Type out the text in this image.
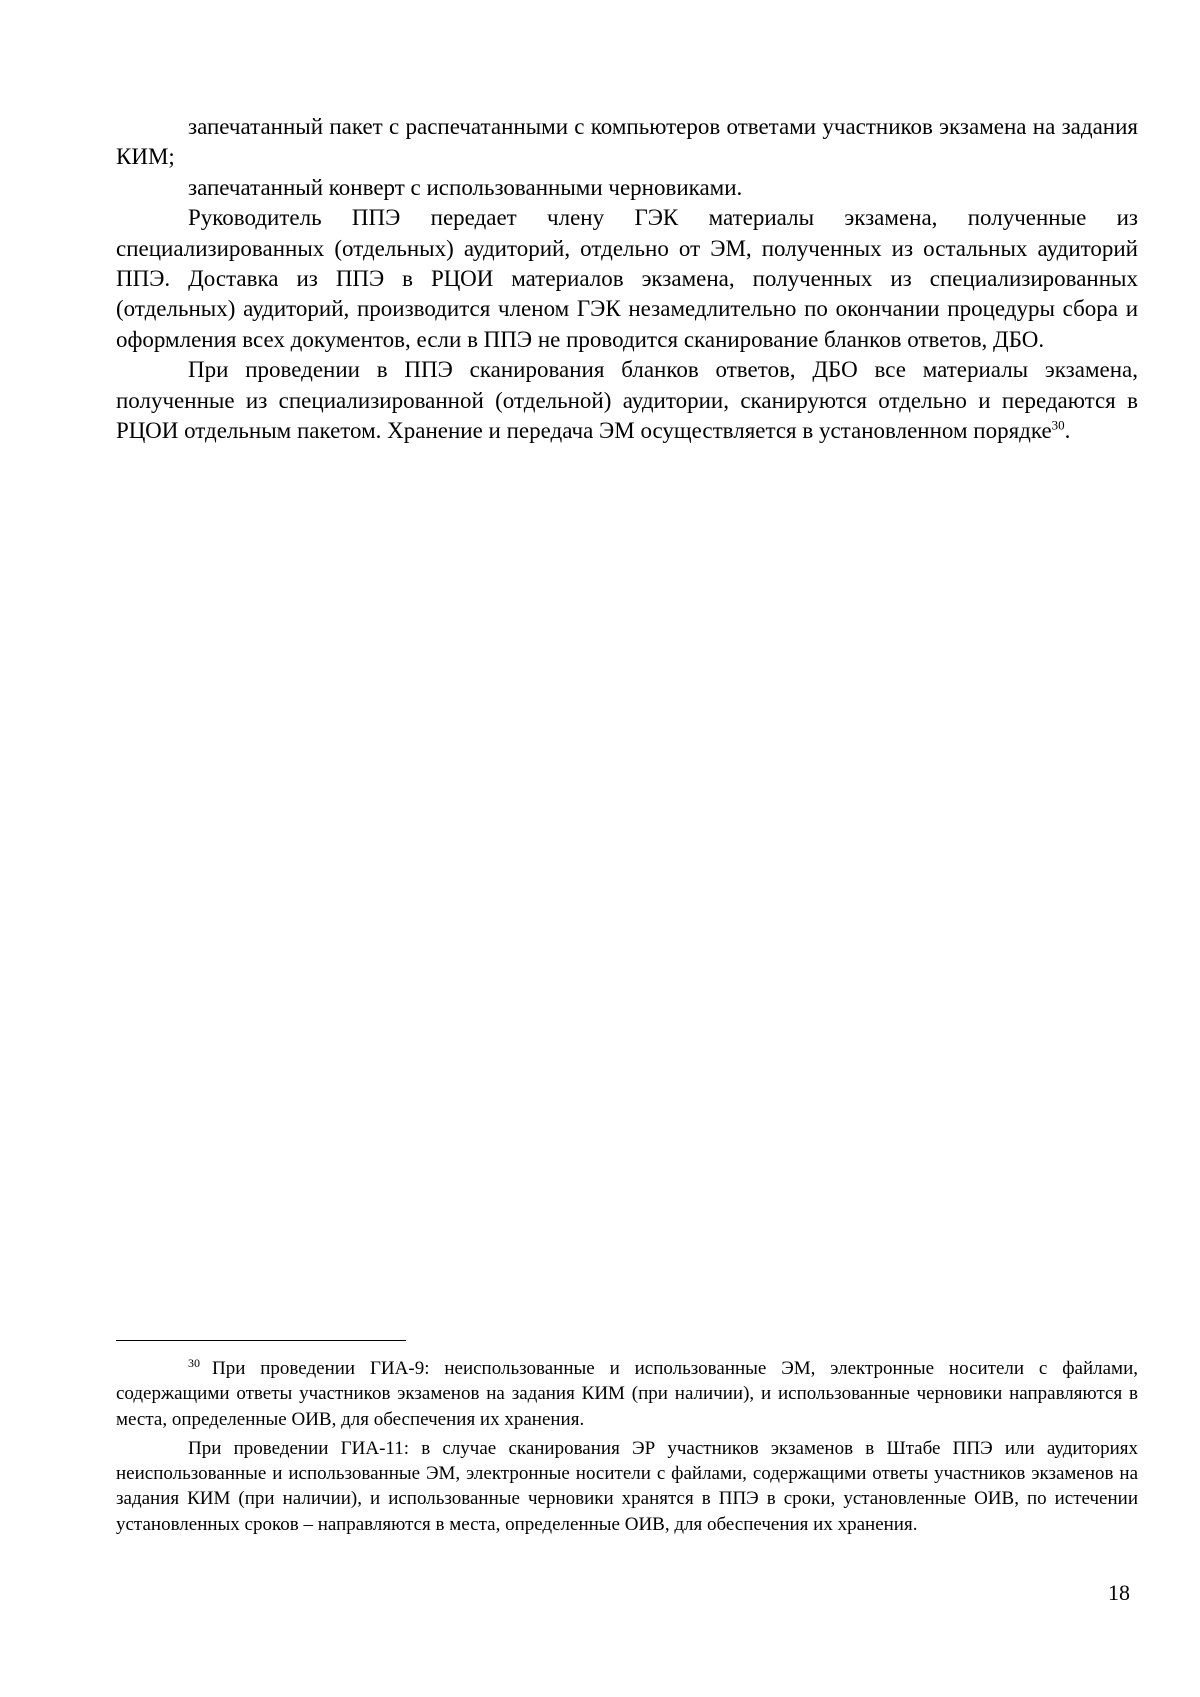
запечатанный пакет с распечатанными с компьютеров ответами участников экзамена на задания КИМ;

запечатанный конверт с использованными черновиками.

Руководитель ППЭ передает члену ГЭК материалы экзамена, полученные из специализированных (отдельных) аудиторий, отдельно от ЭМ, полученных из остальных аудиторий ППЭ. Доставка из ППЭ в РЦОИ материалов экзамена, полученных из специализированных (отдельных) аудиторий, производится членом ГЭК незамедлительно по окончании процедуры сбора и оформления всех документов, если в ППЭ не проводится сканирование бланков ответов, ДБО.

При проведении в ППЭ сканирования бланков ответов, ДБО все материалы экзамена, полученные из специализированной (отдельной) аудитории, сканируются отдельно и передаются в РЦОИ отдельным пакетом. Хранение и передача ЭМ осуществляется в установленном порядке$^{30}$.

$^{30}$ При проведении ГИА-9: неиспользованные и использованные ЭМ, электронные носители с файлами, содержащими ответы участников экзаменов на задания КИМ (при наличии), и использованные черновики направляются в места, определенные ОИВ, для обеспечения их хранения.

При проведении ГИА-11: в случае сканирования ЭР участников экзаменов в Штабе ППЭ или аудиториях неиспользованные и использованные ЭМ, электронные носители с файлами, содержащими ответы участников экзаменов на задания КИМ (при наличии), и использованные черновики хранятся в ППЭ в сроки, установленные ОИВ, по истечении установленных сроков – направляются в места, определенные ОИВ, для обеспечения их хранения.

18
